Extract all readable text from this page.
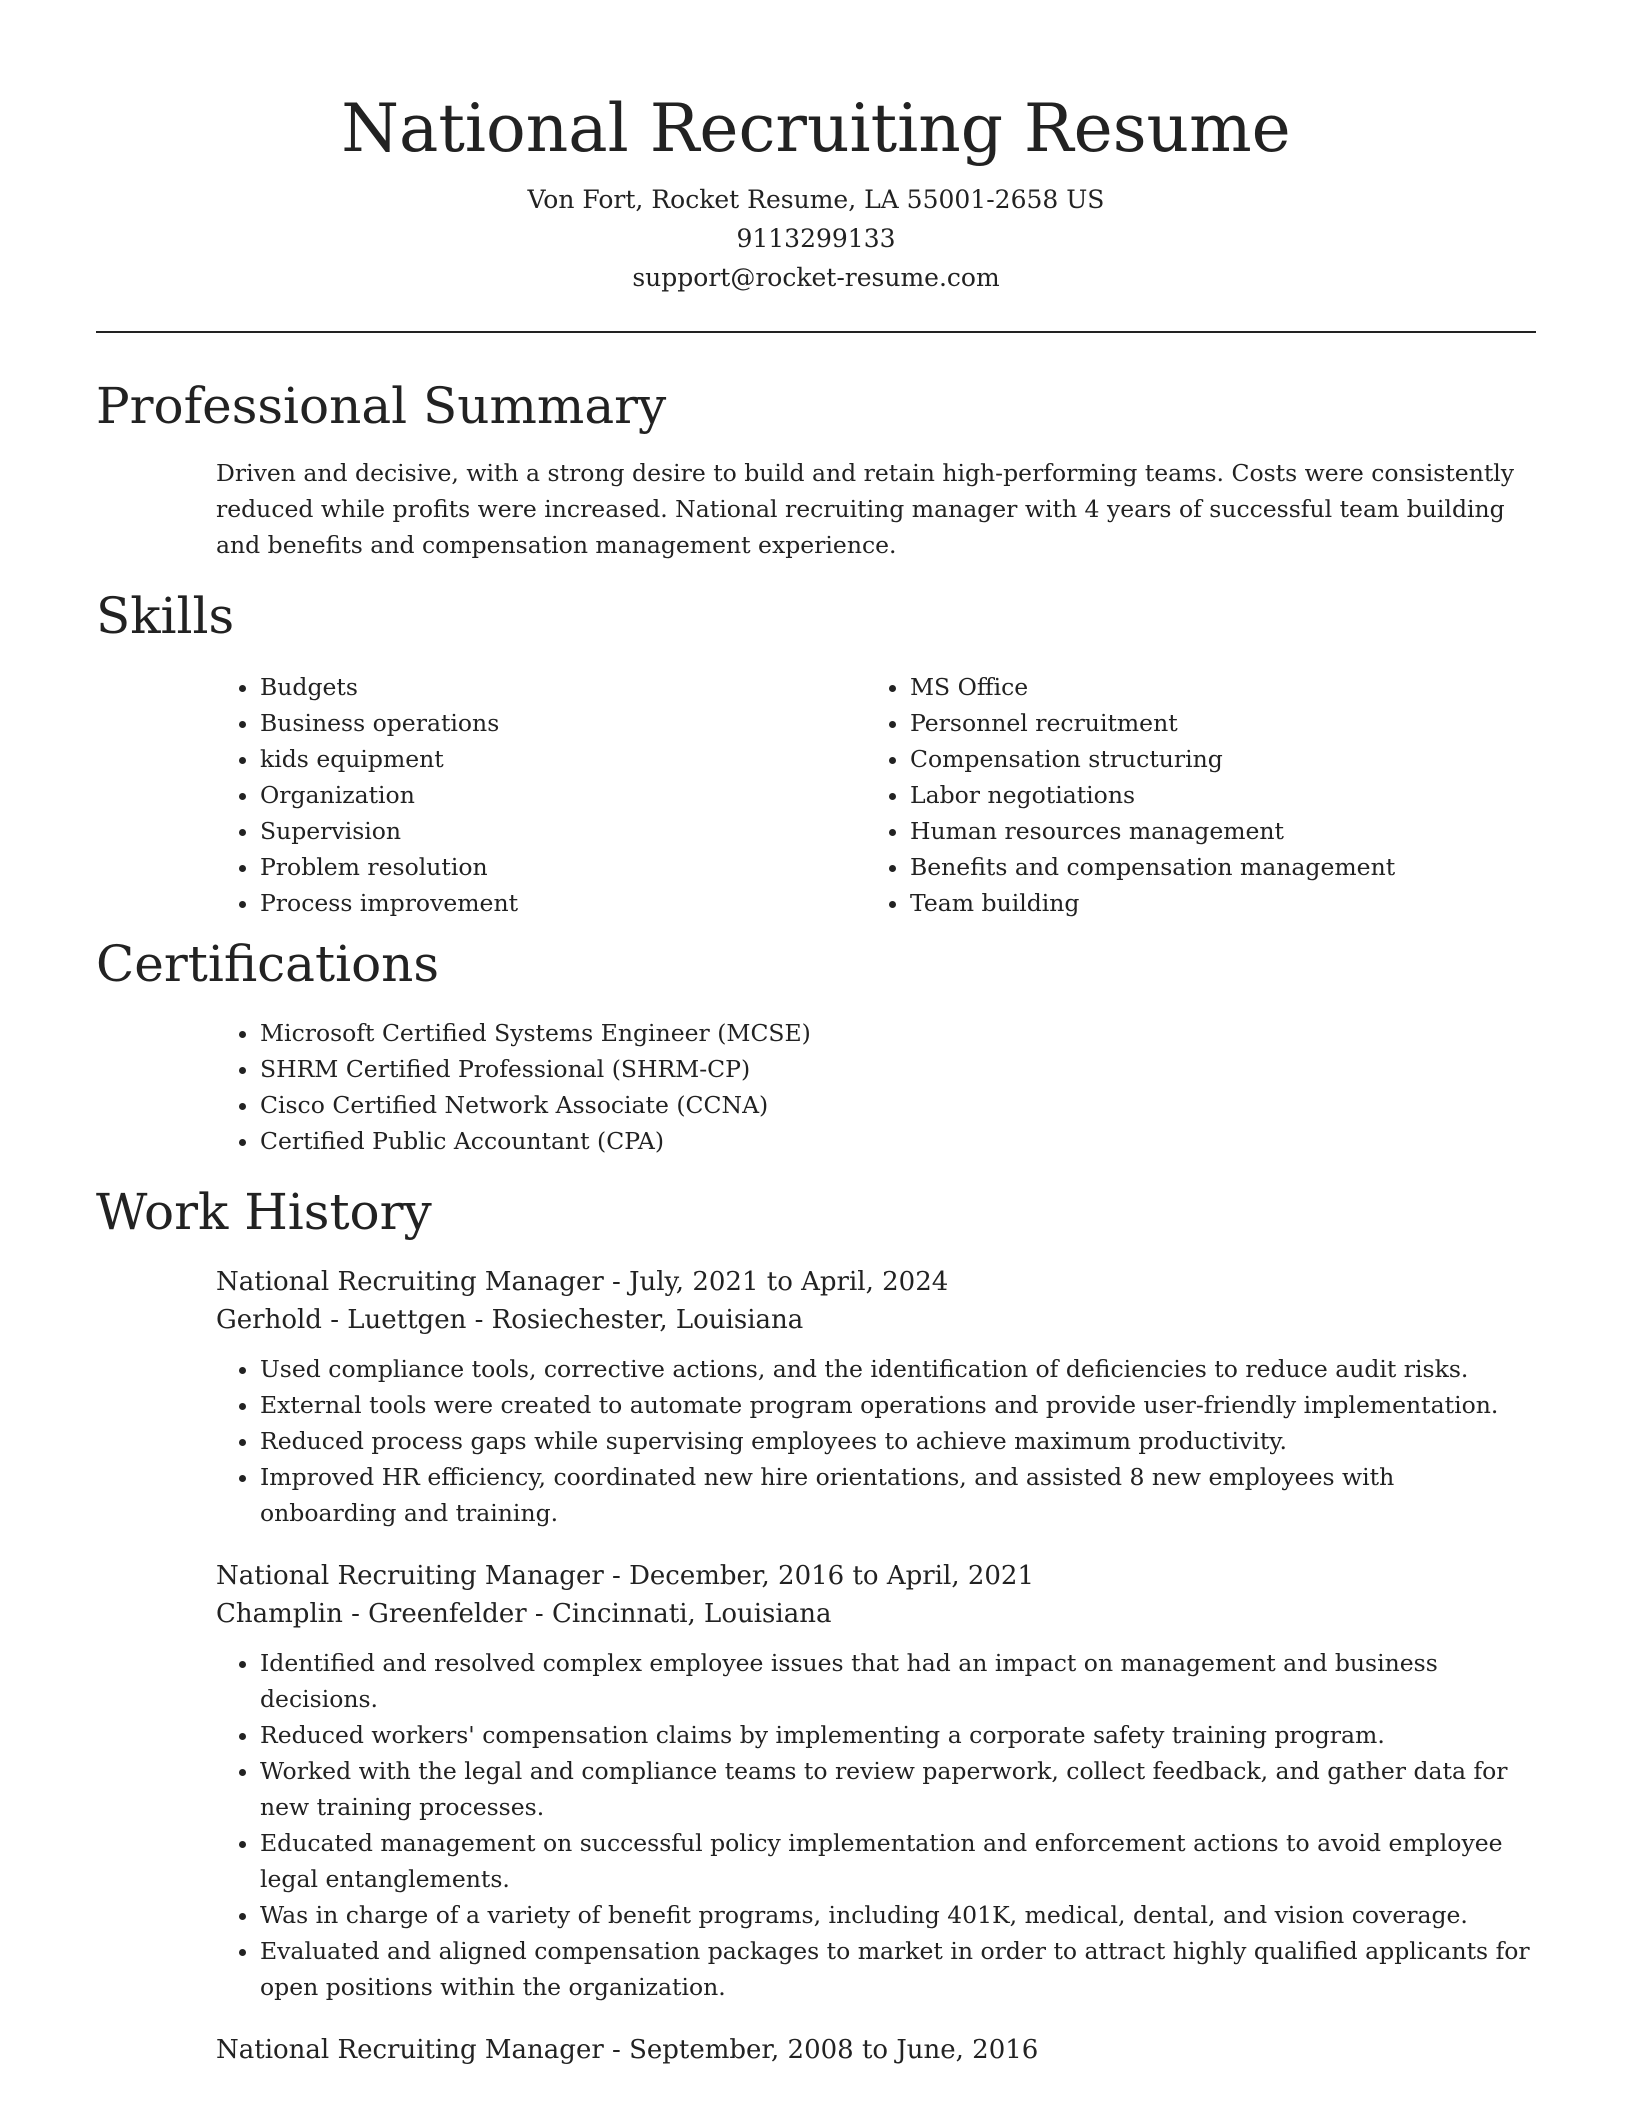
National Recruiting Resume
Von Fort, Rocket Resume, LA 55001-2658 US
9113299133
support@rocket-resume.com
Professional Summary

Driven and decisive, with a strong desire to build and retain high-performing teams. Costs were consistently reduced while profits were increased. National recruiting manager with 4 years of successful team building and benefits and compensation management experience.

Skills
• Budgets
• Business operations
• kids equipment
• Organization
• Supervision
• Problem resolution
• Process improvement
• MS Office
• Personnel recruitment
• Compensation structuring
• Labor negotiations
• Human resources management
• Benefits and compensation management
• Team building
Certifications
• Microsoft Certified Systems Engineer (MCSE)
• SHRM Certified Professional (SHRM-CP)
• Cisco Certified Network Associate (CCNA)
• Certified Public Accountant (CPA)
Work History
National Recruiting Manager - July, 2021 to April, 2024
Gerhold - Luettgen - Rosiechester, Louisiana
• Used compliance tools, corrective actions, and the identification of deficiencies to reduce audit risks.
• External tools were created to automate program operations and provide user-friendly implementation.
• Reduced process gaps while supervising employees to achieve maximum productivity.
• Improved HR efficiency, coordinated new hire orientations, and assisted 8 new employees with onboarding and training.
National Recruiting Manager - December, 2016 to April, 2021
Champlin - Greenfelder - Cincinnati, Louisiana
• Identified and resolved complex employee issues that had an impact on management and business decisions.
• Reduced workers' compensation claims by implementing a corporate safety training program.
• Worked with the legal and compliance teams to review paperwork, collect feedback, and gather data for new training processes.
• Educated management on successful policy implementation and enforcement actions to avoid employee legal entanglements.
• Was in charge of a variety of benefit programs, including 401K, medical, dental, and vision coverage.
• Evaluated and aligned compensation packages to market in order to attract highly qualified applicants for open positions within the organization.
National Recruiting Manager - September, 2008 to June, 2016
